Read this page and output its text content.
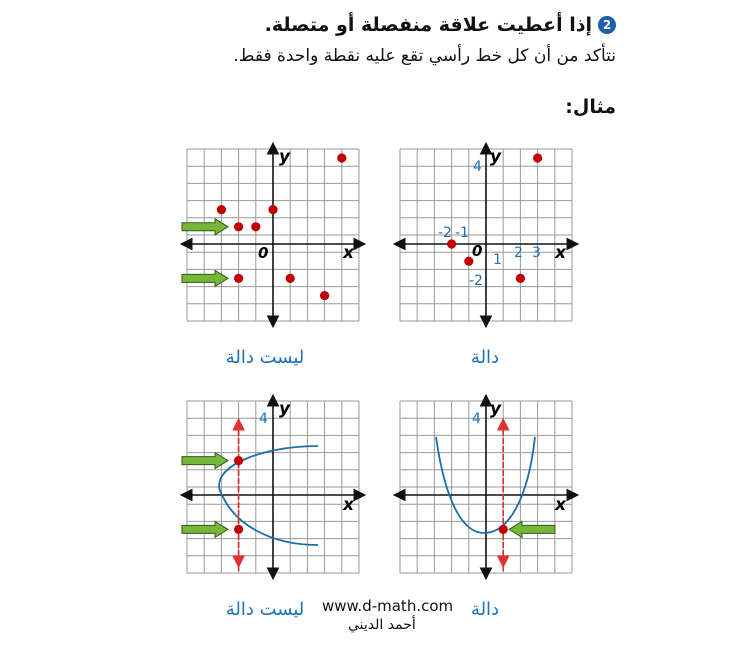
2إذا أعطيت علاقة منفصلة أو متصلة.
نتأكد من أن كل خط رأسي تقع عليه نقطة واحدة فقط.
مثال:
y
x
0
y
x
0
-2 -1
1 2 3
4
-2
y
x
4	y
x
4
ليست دالة	دالة
ليست دالة	دالة
www.d-math.com
أحمد الديني
